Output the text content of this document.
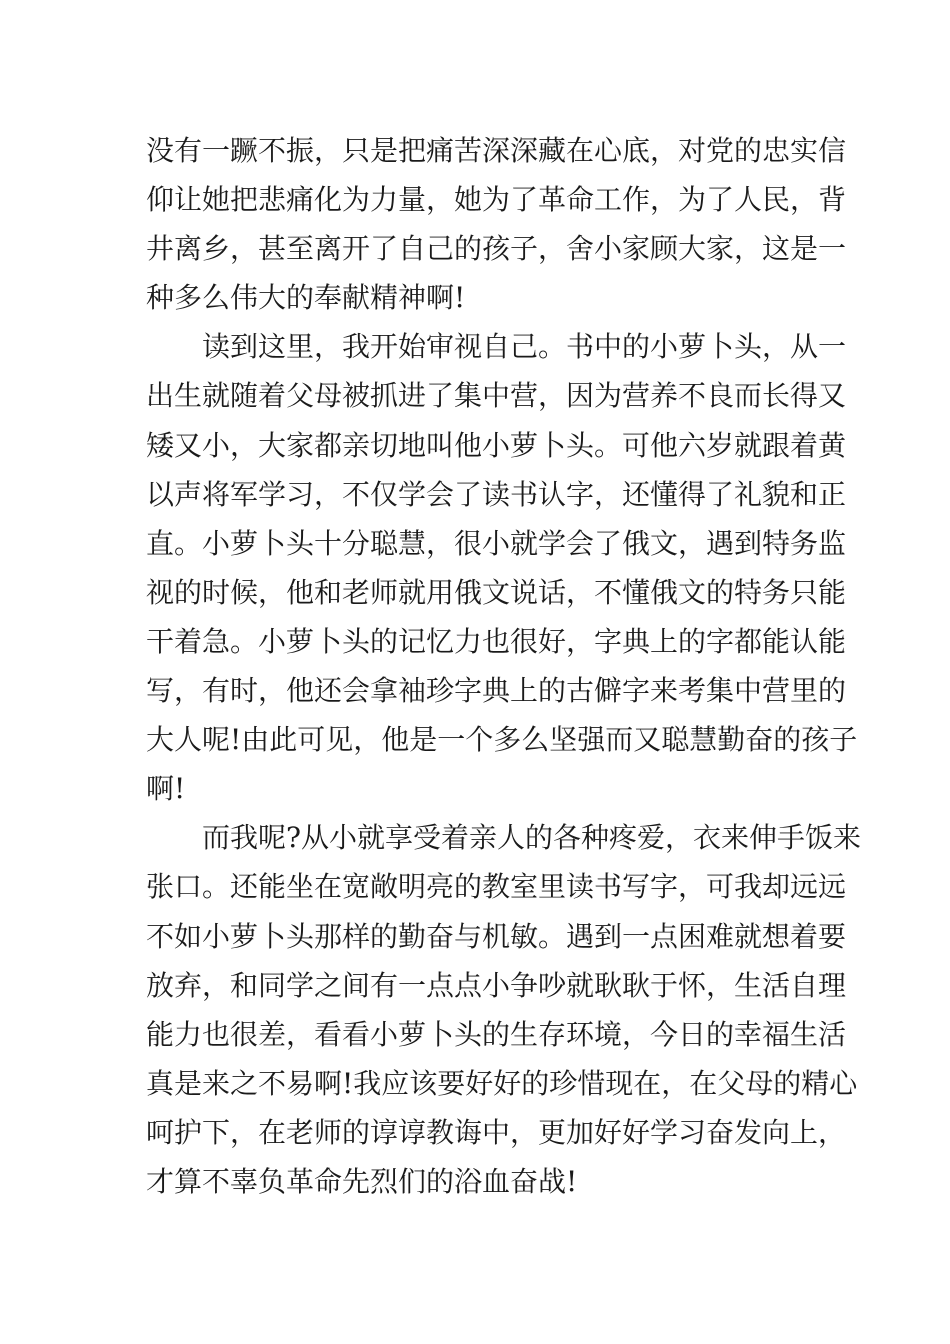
没有一蹶不振，只是把痛苦深深藏在心底，对党的忠实信
仰让她把悲痛化为力量，她为了革命工作，为了人民，背
井离乡，甚至离开了自己的孩子，舍小家顾大家，这是一
种多么伟大的奉献精神啊!
读到这里，我开始审视自己。书中的小萝卜头，从一
出生就随着父母被抓进了集中营，因为营养不良而长得又
矮又小，大家都亲切地叫他小萝卜头。可他六岁就跟着黄
以声将军学习，不仅学会了读书认字，还懂得了礼貌和正
直。小萝卜头十分聪慧，很小就学会了俄文，遇到特务监
视的时候，他和老师就用俄文说话，不懂俄文的特务只能
干着急。小萝卜头的记忆力也很好，字典上的字都能认能
写，有时，他还会拿袖珍字典上的古僻字来考集中营里的
大人呢!由此可见，他是一个多么坚强而又聪慧勤奋的孩子
啊!
而我呢?从小就享受着亲人的各种疼爱，衣来伸手饭来
张口。还能坐在宽敞明亮的教室里读书写字，可我却远远
不如小萝卜头那样的勤奋与机敏。遇到一点困难就想着要
放弃，和同学之间有一点点小争吵就耿耿于怀，生活自理
能力也很差，看看小萝卜头的生存环境，今日的幸福生活
真是来之不易啊!我应该要好好的珍惜现在，在父母的精心
呵护下，在老师的谆谆教诲中，更加好好学习奋发向上，
才算不辜负革命先烈们的浴血奋战!
